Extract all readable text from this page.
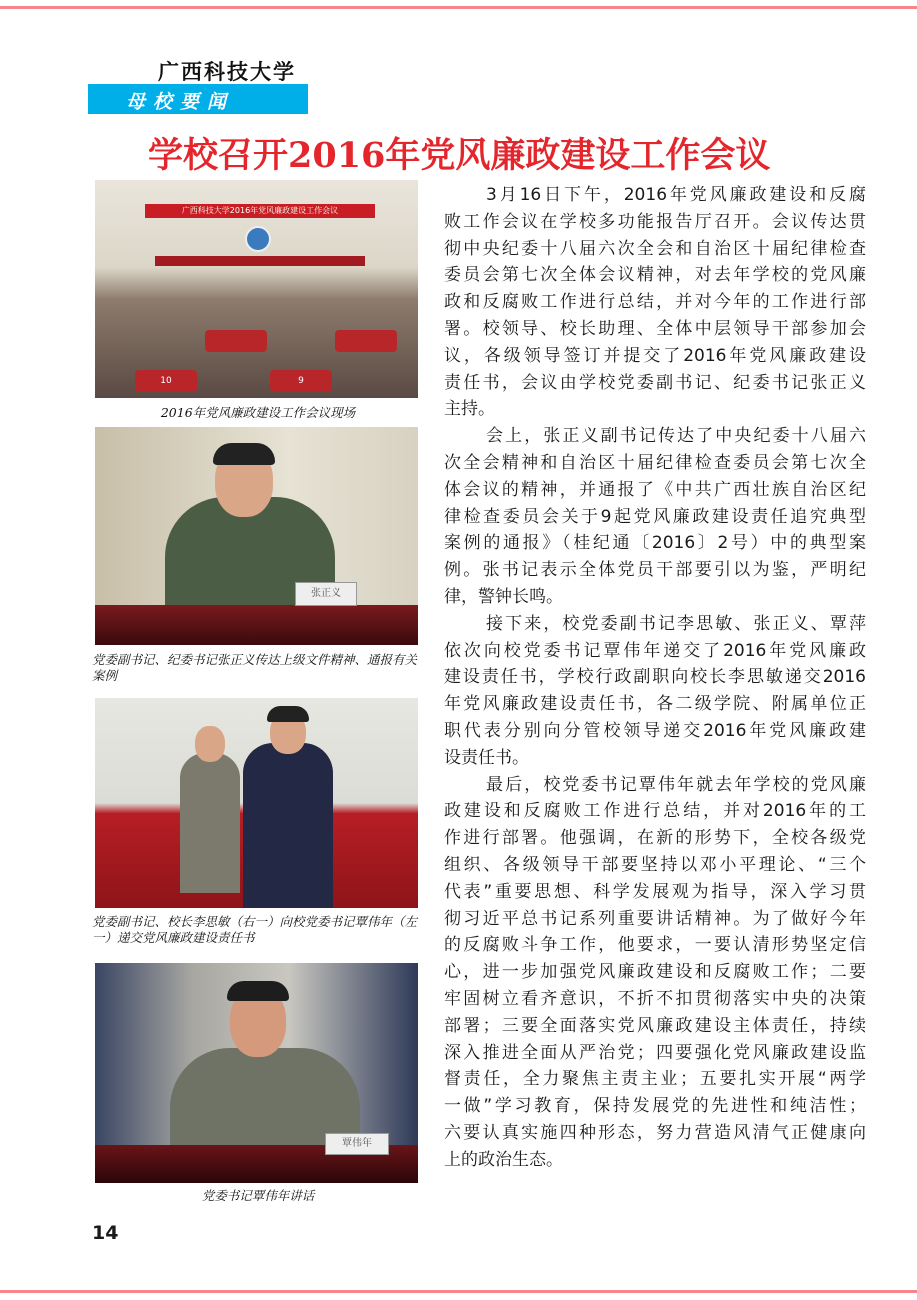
广西科技大学
母校要闻
学校召开2016年党风廉政建设工作会议
广西科技大学2016年党风廉政建设工作会议
10	9
2016年党风廉政建设工作会议现场
张正义
党委副书记、纪委书记张正义传达上级文件精神、通报有关案例
党委副书记、校长李思敏（右一）向校党委书记覃伟年（左一）递交党风廉政建设责任书
覃伟年
党委书记覃伟年讲话
3月16日下午，2016年党风廉政建设和反腐
败工作会议在学校多功能报告厅召开。会议传达贯
彻中央纪委十八届六次全会和自治区十届纪律检查
委员会第七次全体会议精神，对去年学校的党风廉
政和反腐败工作进行总结，并对今年的工作进行部
署。校领导、校长助理、全体中层领导干部参加会
议，各级领导签订并提交了2016年党风廉政建设
责任书，会议由学校党委副书记、纪委书记张正义
主持。
会上，张正义副书记传达了中央纪委十八届六
次全会精神和自治区十届纪律检查委员会第七次全
体会议的精神，并通报了《中共广西壮族自治区纪
律检查委员会关于9起党风廉政建设责任追究典型
案例的通报》（桂纪通〔2016〕2号）中的典型案
例。张书记表示全体党员干部要引以为鉴，严明纪
律，警钟长鸣。
接下来，校党委副书记李思敏、张正义、覃萍
依次向校党委书记覃伟年递交了2016年党风廉政
建设责任书，学校行政副职向校长李思敏递交2016
年党风廉政建设责任书，各二级学院、附属单位正
职代表分别向分管校领导递交2016年党风廉政建
设责任书。
最后，校党委书记覃伟年就去年学校的党风廉
政建设和反腐败工作进行总结，并对2016年的工
作进行部署。他强调，在新的形势下，全校各级党
组织、各级领导干部要坚持以邓小平理论、“三个
代表”重要思想、科学发展观为指导，深入学习贯
彻习近平总书记系列重要讲话精神。为了做好今年
的反腐败斗争工作，他要求，一要认清形势坚定信
心，进一步加强党风廉政建设和反腐败工作；二要
牢固树立看齐意识，不折不扣贯彻落实中央的决策
部署；三要全面落实党风廉政建设主体责任，持续
深入推进全面从严治党；四要强化党风廉政建设监
督责任，全力聚焦主责主业；五要扎实开展“两学
一做”学习教育，保持发展党的先进性和纯洁性；
六要认真实施四种形态，努力营造风清气正健康向
上的政治生态。
14
